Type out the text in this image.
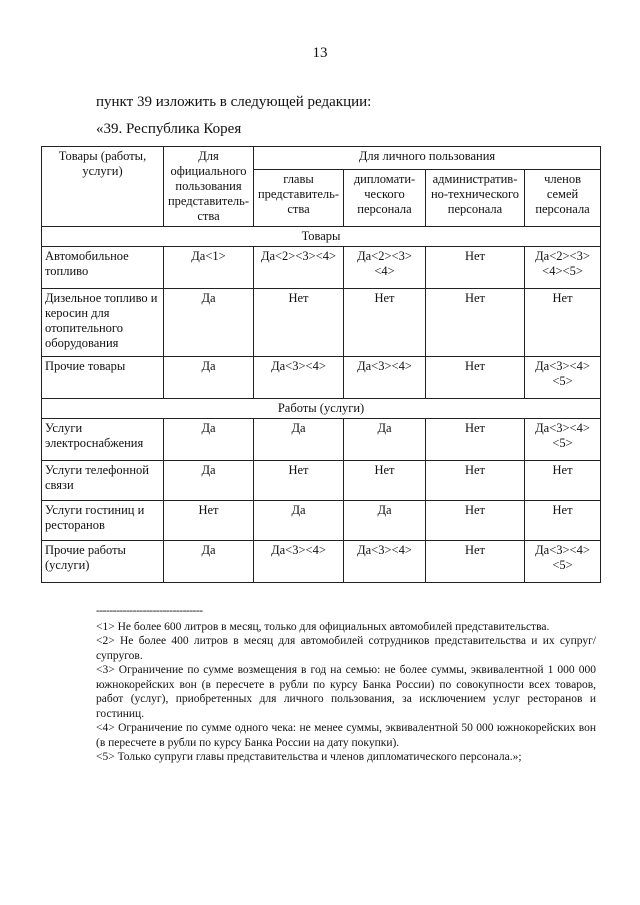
13
пункт 39 изложить в следующей редакции:
«39. Республика Корея
Товары (работы, услуги)	Для официального пользования представитель-ства	Для личного пользования			
		главы представитель-ства	дипломати-ческого персонала	административ-но-технического персонала	членов семей персонала
Товары					
Автомобильное топливо	Да<1>	Да<2><3><4>	Да<2><3> <4>	Нет	Да<2><3> <4><5>
Дизельное топливо и керосин для отопительного оборудования	Да	Нет	Нет	Нет	Нет
Прочие товары	Да	Да<3><4>	Да<3><4>	Нет	Да<3><4> <5>
Работы (услуги)					
Услуги электроснабжения	Да	Да	Да	Нет	Да<3><4> <5>
Услуги телефонной связи	Да	Нет	Нет	Нет	Нет
Услуги гостиниц и ресторанов	Нет	Да	Да	Нет	Нет
Прочие работы (услуги)	Да	Да<3><4>	Да<3><4>	Нет	Да<3><4> <5>
--------------------------------

<1> Не более 600 литров в месяц, только для официальных автомобилей представительства.

<2> Не более 400 литров в месяц для автомобилей сотрудников представительства и их супруг/супругов.

<3> Ограничение по сумме возмещения в год на семью: не более суммы, эквивалентной 1 000 000 южнокорейских вон (в пересчете в рубли по курсу Банка России) по совокупности всех товаров, работ (услуг), приобретенных для личного пользования, за исключением услуг ресторанов и гостиниц.

<4> Ограничение по сумме одного чека: не менее суммы, эквивалентной 50 000 южнокорейских вон (в пересчете в рубли по курсу Банка России на дату покупки).

<5> Только супруги главы представительства и членов дипломатического персонала.»;
